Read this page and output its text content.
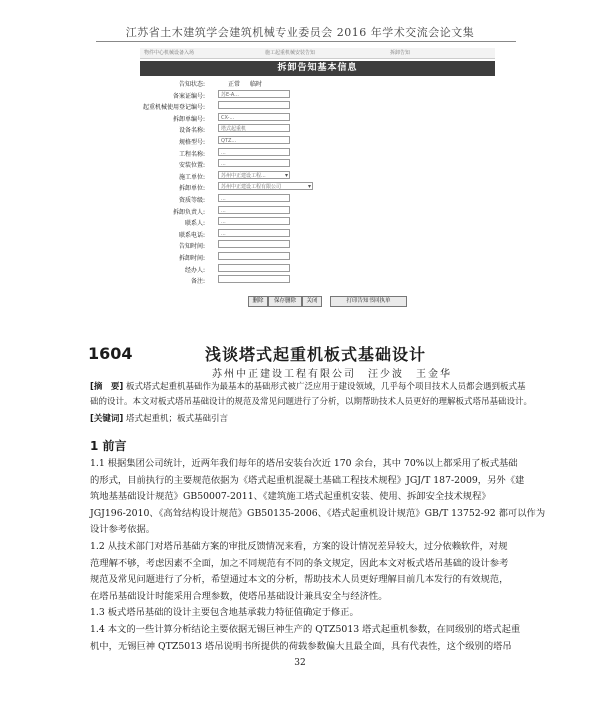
江苏省土木建筑学会建筑机械专业委员会 2016 年学术交流会论文集
物件中心机械设备入场	施工起重机械安装告知	拆卸告知
拆卸告知基本信息
告知状态:	正常 临时
备案证编号:	苏E-A...
起重机械使用登记编号:
拆卸单编号:	CX-...
设备名称:	塔式起重机
规格型号:	QTZ...
工程名称:	...
安装位置:	...
施工单位:	苏州中正建设工程... ▾
拆卸单位:	苏州中正建设工程有限公司 ▾
资质等级:	...
拆卸负责人:	...
联系人:	...
联系电话:	...
告知时间:
拆卸时间:
经办人:
备注:
删除	保存删除	关闭	打印告知书回执单
1604	浅谈塔式起重机板式基础设计
苏州中正建设工程有限公司　汪少波　王金华
[摘　要] 板式塔式起重机基础作为最基本的基础形式被广泛应用于建设领域，几乎每个项目技术人员都会遇到板式基
础的设计。本文对板式塔吊基础设计的规范及常见问题进行了分析，以期帮助技术人员更好的理解板式塔吊基础设计。
[关键词] 塔式起重机；板式基础引言
1 前言

1.1 根据集团公司统计，近两年我们每年的塔吊安装台次近 170 余台，其中 70%以上都采用了板式基础

的形式，目前执行的主要规范依据为《塔式起重机混凝土基础工程技术规程》JGJ/T 187-2009，另外《建

筑地基基础设计规范》GB50007-2011、《建筑施工塔式起重机安装、使用、拆卸安全技术规程》

JGJ196-2010、《高耸结构设计规范》GB50135-2006、《塔式起重机设计规范》GB/T 13752-92 都可以作为

设计参考依据。

1.2 从技术部门对塔吊基础方案的审批反馈情况来看，方案的设计情况差异较大，过分依赖软件，对规

范理解不够，考虑因素不全面，加之不同规范有不同的条文规定，因此本文对板式塔吊基础的设计参考

规范及常见问题进行了分析，希望通过本文的分析，帮助技术人员更好理解目前几本发行的有效规范，

在塔吊基础设计时能采用合理参数，使塔吊基础设计兼具安全与经济性。

1.3 板式塔吊基础的设计主要包含地基承载力特征值确定于修正。

1.4 本文的一些计算分析结论主要依据无锡巨神生产的 QTZ5013 塔式起重机参数，在同级别的塔式起重

机中，无锡巨神 QTZ5013 塔吊说明书所提供的荷载参数偏大且最全面，具有代表性，这个级别的塔吊

32
